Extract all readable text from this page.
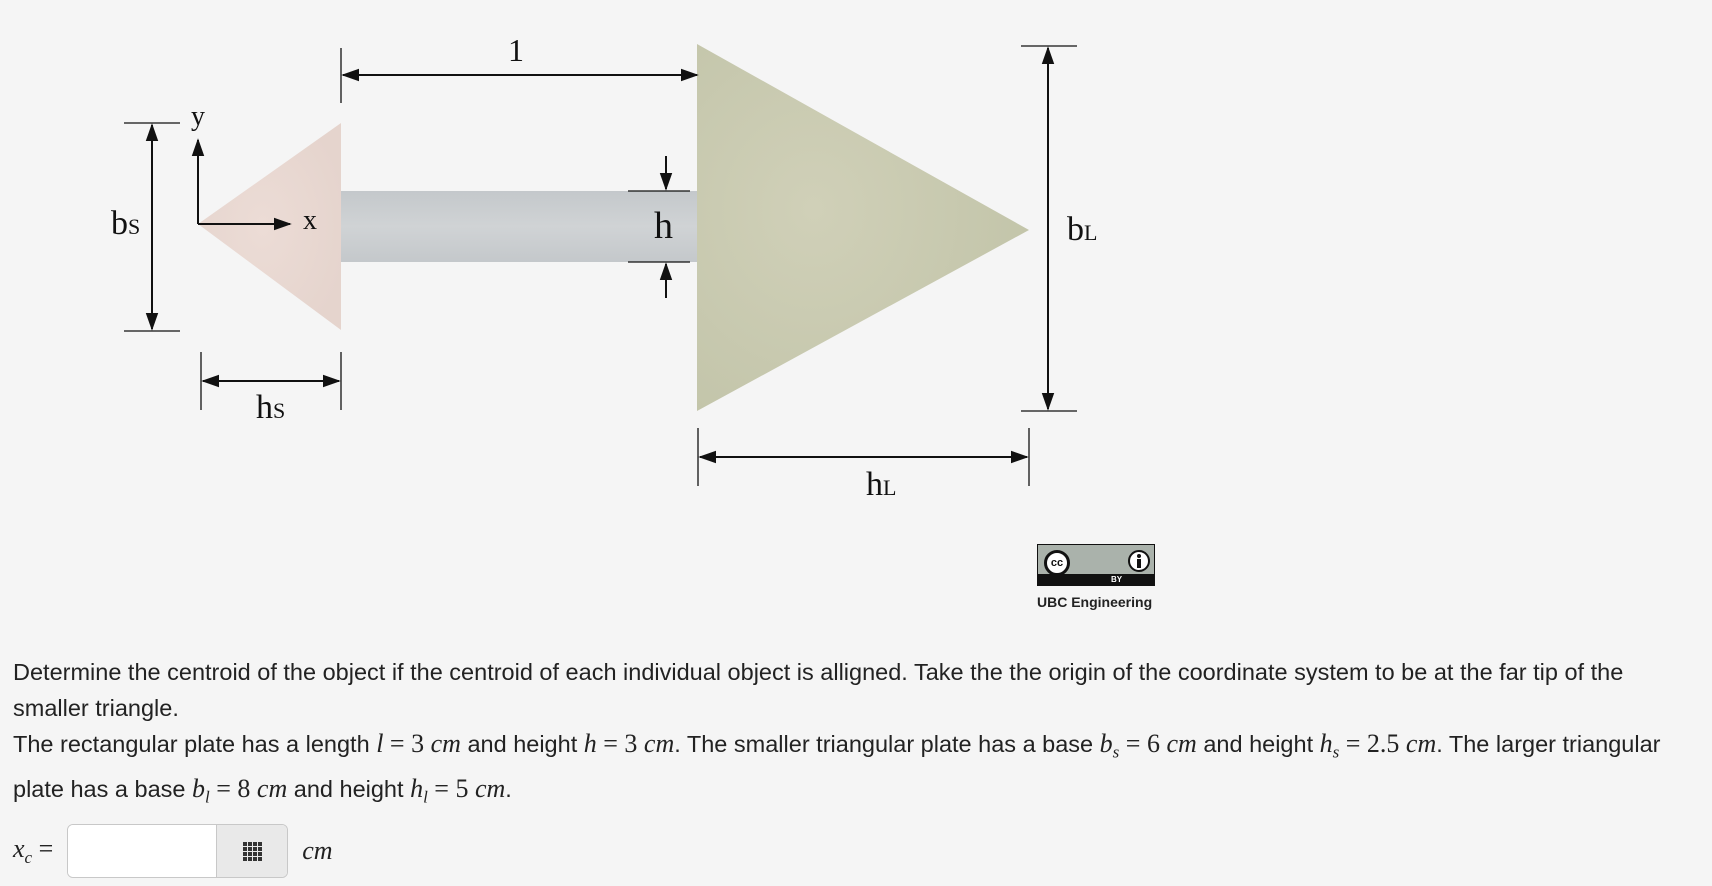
y
x
1
bS
hS
h	bL
hL
cc
BY
UBC Engineering

Determine the centroid of the object if the centroid of each individual object is alligned. Take the the origin of the coordinate system to be at the far tip of the smaller triangle.

The rectangular plate has a length l = 3 cm and height h = 3 cm. The smaller triangular plate has a base $b_s = 6$ cm and height $h_s = 2.5$ cm. The larger triangular plate has a base $b_l = 8$ cm and height $h_l = 5$ cm.

$x_c$ =	cm
